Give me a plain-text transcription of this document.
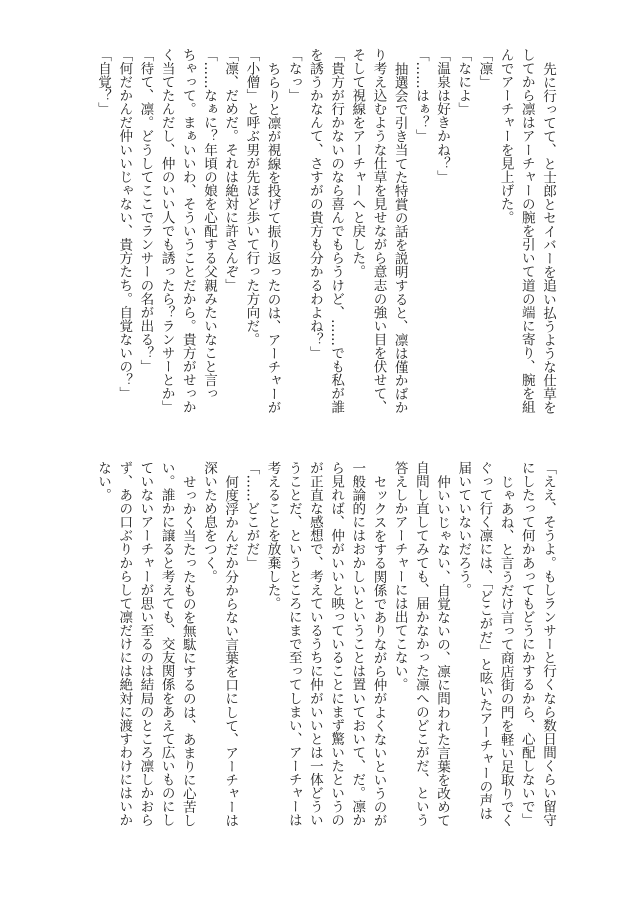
先に行ってて、と士郎とセイバーを追い払うような仕草を
してから凛はアーチャーの腕を引いて道の端に寄り、腕を組
んでアーチャーを見上げた。
「凛」
「なによ」
「温泉は好きかね？」
「……はぁ？」
抽選会で引き当てた特賞の話を説明すると、凛は僅かばか
り考え込むような仕草を見せながら意志の強い目を伏せて、
そして視線をアーチャーへと戻した。
「貴方が行かないのなら喜んでもらうけど、……でも私が誰
を誘うかなんて、さすがの貴方も分かるわよね？」
「なっ」
ちらりと凛が視線を投げて振り返ったのは、アーチャーが
「小僧」と呼ぶ男が先ほど歩いて行った方向だ。
「凛、だめだ。それは絶対に許さんぞ」
「……なぁに？年頃の娘を心配する父親みたいなこと言っ
ちゃって。まぁいいわ、そういうことだから。貴方がせっか
く当てたんだし、仲のいい人でも誘ったら？ランサーとか」
「待て、凛。どうしてここでランサーの名が出る？」
「何だかんだ仲いいじゃない、貴方たち。自覚ないの？」
「自覚？」
「ええ、そうよ。もしランサーと行くなら数日間くらい留守
にしたって何かあってもどうにかするから、心配しないで」
じゃあね、と言うだけ言って商店街の門を軽い足取りでく
ぐって行く凛には、「どこがだ」と呟いたアーチャーの声は
届いていないだろう。
仲いいじゃない、自覚ないの、凛に問われた言葉を改めて
自問し直してみても、届かなかった凛へのどこがだ、という
答えしかアーチャーには出てこない。
セックスをする関係でありながら仲がよくないというのが
一般論的にはおかしいということは置いておいて、だ。凛か
ら見れば、仲がいいと映っていることにまず驚いたというの
が正直な感想で、考えているうちに仲がいいとは一体どうい
うことだ、というところにまで至ってしまい、アーチャーは
考えることを放棄した。
「……どこがだ」
何度浮かんだか分からない言葉を口にして、アーチャーは
深いため息をつく。
せっかく当たったものを無駄にするのは、あまりに心苦し
い。誰かに譲ると考えても、交友関係をあえて広いものにし
ていないアーチャーが思い至るのは結局のところ凛しかおら
ず、あの口ぶりからして凛だけには絶対に渡すわけにはいか
ない。
